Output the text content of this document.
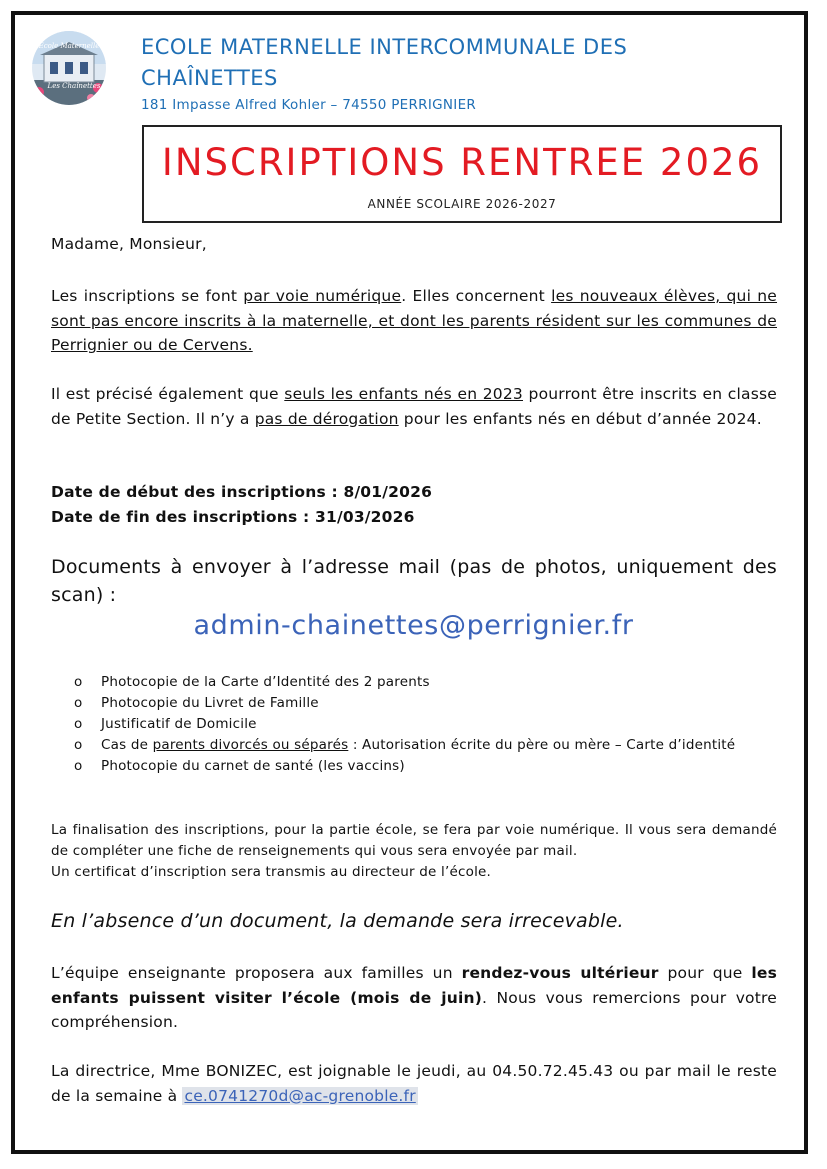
Ecole Maternelle
Les Chaînettes
ECOLE MATERNELLE INTERCOMMUNALE DES
CHAÎNETTES
181 Impasse Alfred Kohler – 74550 PERRIGNIER
INSCRIPTIONS RENTREE 2026
ANNÉE SCOLAIRE 2026-2027
Madame, Monsieur,
Les inscriptions se font par voie numérique. Elles concernent les nouveaux élèves, qui ne sont pas encore inscrits à la maternelle, et dont les parents résident sur les communes de Perrignier ou de Cervens.
Il est précisé également que seuls les enfants nés en 2023 pourront être inscrits en classe de Petite Section. Il n’y a pas de dérogation pour les enfants nés en début d’année 2024.
Date de début des inscriptions : 8/01/2026
Date de fin des inscriptions : 31/03/2026
Documents à envoyer à l’adresse mail (pas de photos, uniquement des scan) :
admin-chainettes@perrignier.fr
o Photocopie de la Carte d’Identité des 2 parents
o Photocopie du Livret de Famille
o Justificatif de Domicile
o Cas de parents divorcés ou séparés : Autorisation écrite du père ou mère – Carte d’identité
o Photocopie du carnet de santé (les vaccins)
La finalisation des inscriptions, pour la partie école, se fera par voie numérique. Il vous sera demandé de compléter une fiche de renseignements qui vous sera envoyée par mail.
Un certificat d’inscription sera transmis au directeur de l’école.
En l’absence d’un document, la demande sera irrecevable.
L’équipe enseignante proposera aux familles un rendez-vous ultérieur pour que les enfants puissent visiter l’école (mois de juin). Nous vous remercions pour votre compréhension.
La directrice, Mme BONIZEC, est joignable le jeudi, au 04.50.72.45.43 ou par mail le reste de la semaine à ce.0741270d@ac-grenoble.fr
